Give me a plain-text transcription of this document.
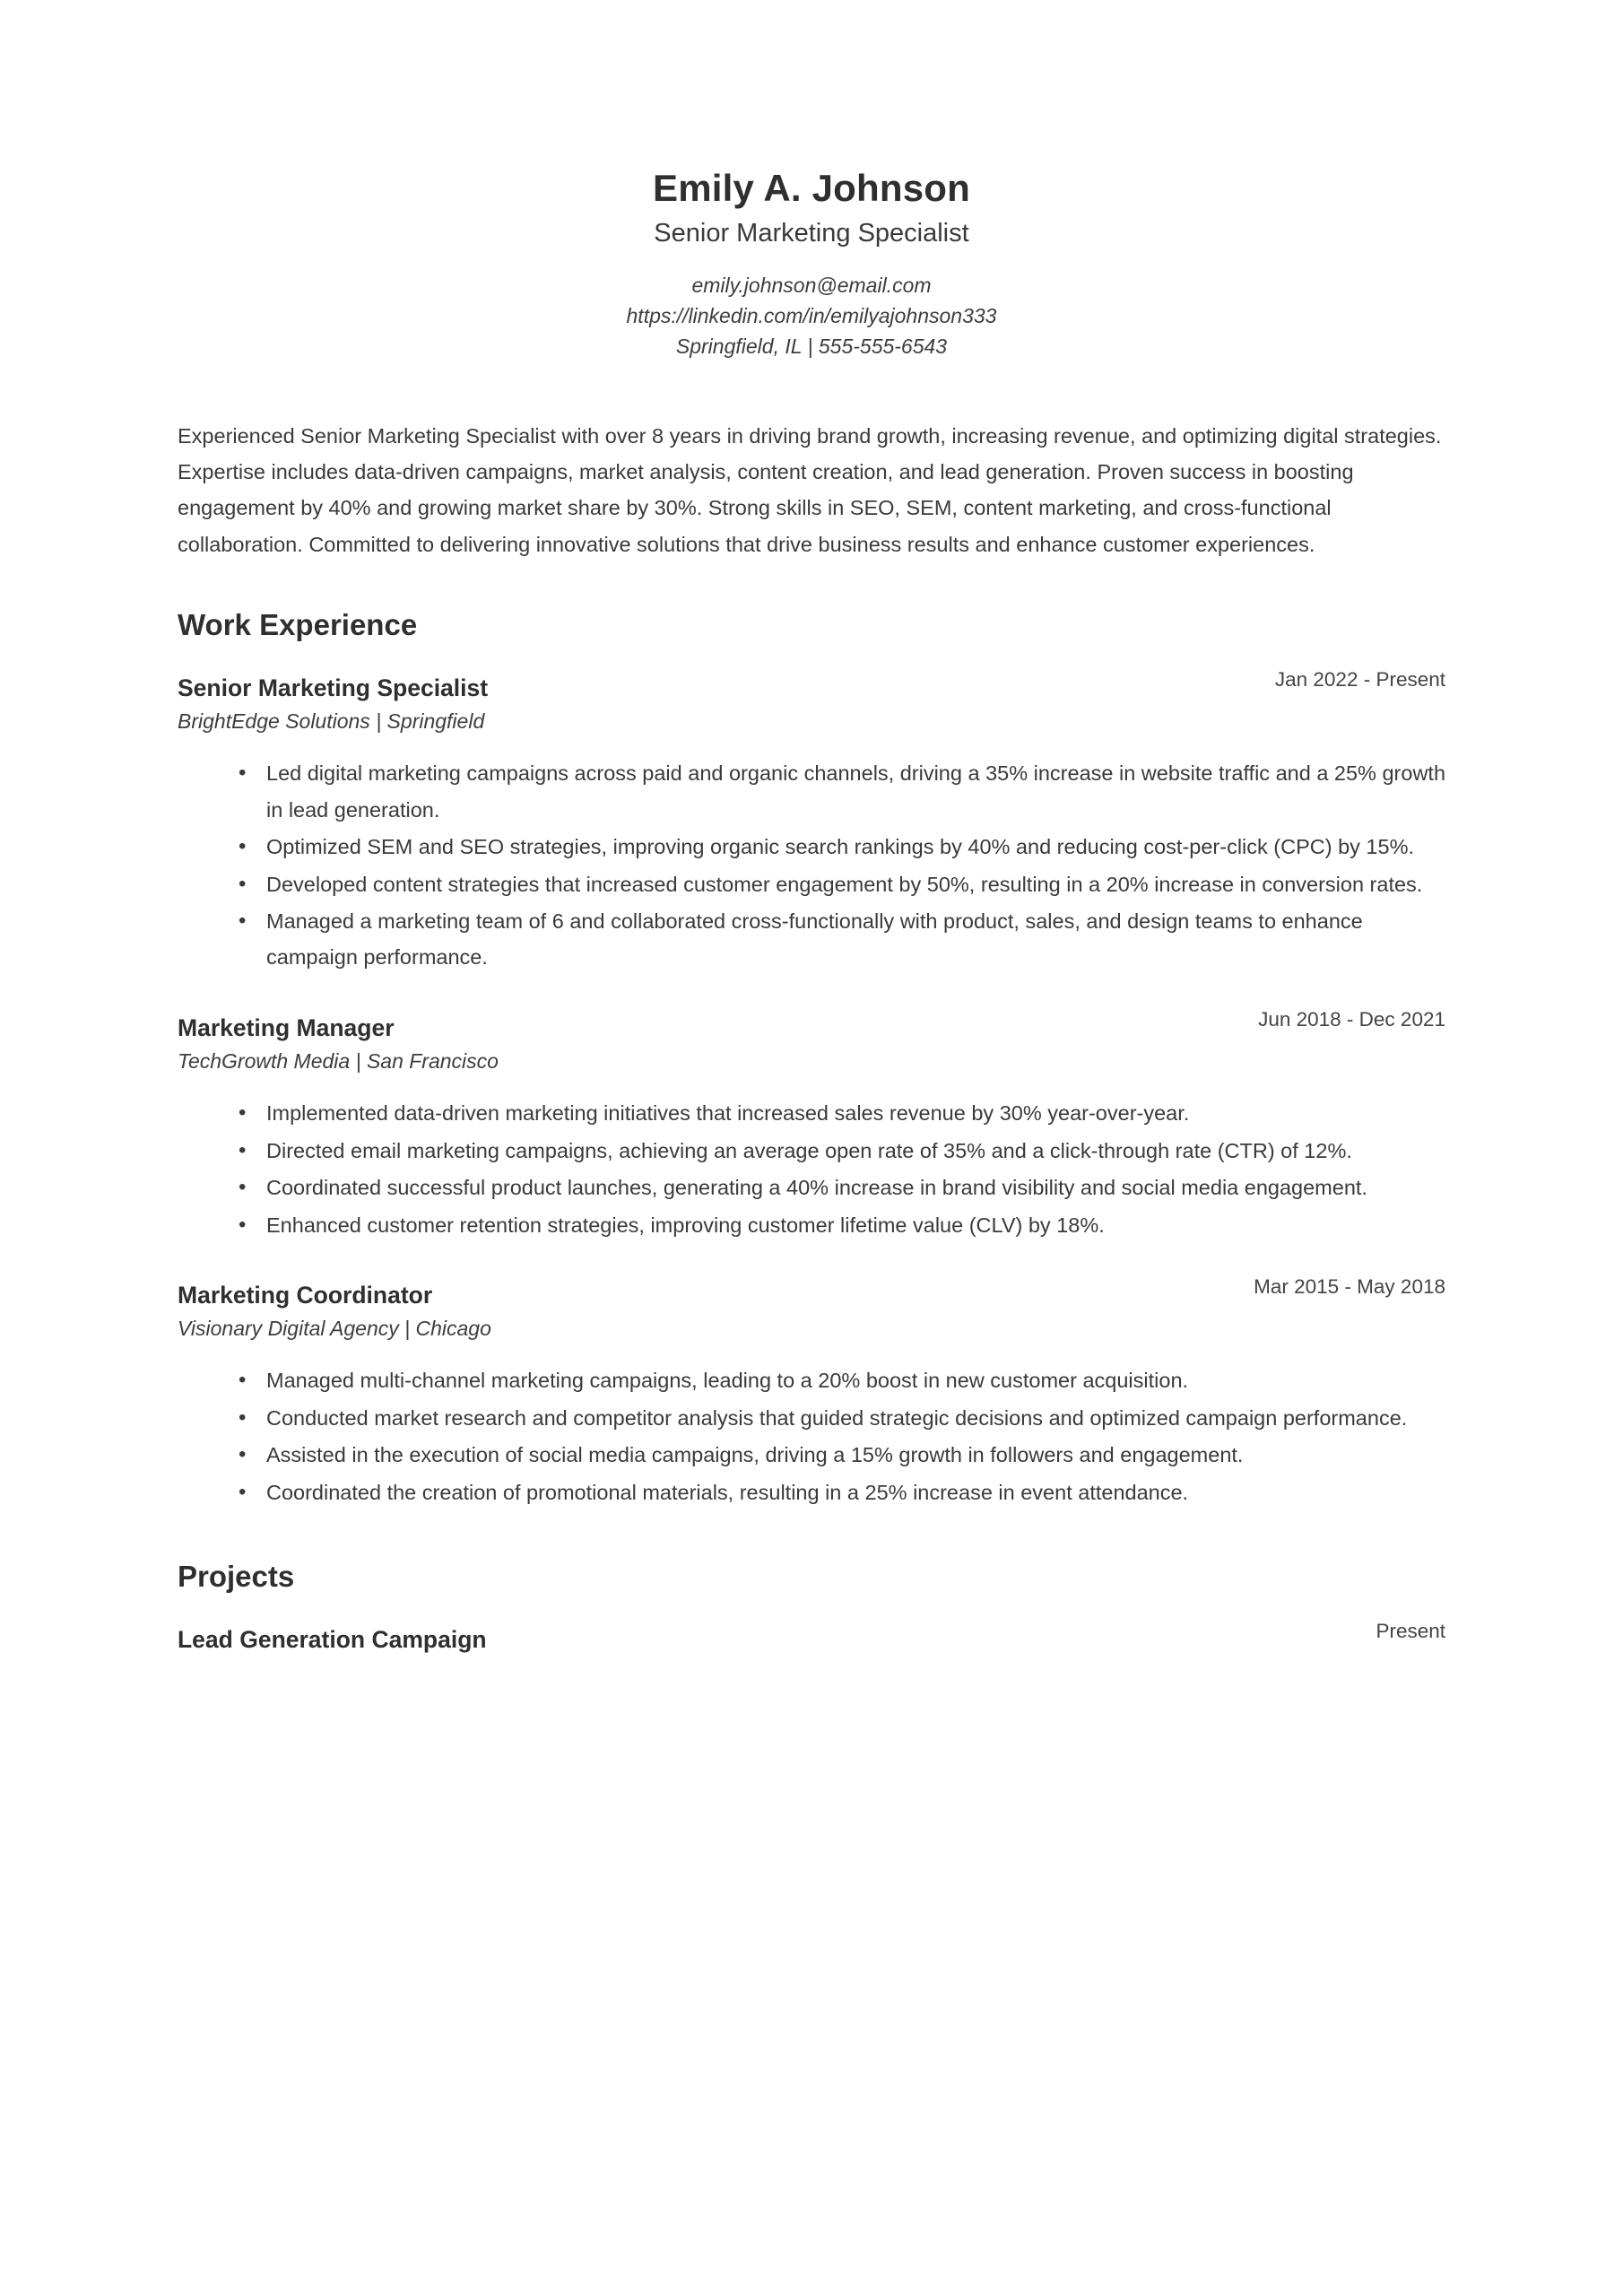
Emily A. Johnson
Senior Marketing Specialist
emily.johnson@email.com
https://linkedin.com/in/emilyajohnson333
Springfield, IL | 555-555-6543

Experienced Senior Marketing Specialist with over 8 years in driving brand growth, increasing revenue, and optimizing digital strategies. Expertise includes data-driven campaigns, market analysis, content creation, and lead generation. Proven success in boosting engagement by 40% and growing market share by 30%. Strong skills in SEO, SEM, content marketing, and cross-functional collaboration. Committed to delivering innovative solutions that drive business results and enhance customer experiences.

Work Experience
Senior Marketing Specialist	Jan 2022 - Present
BrightEdge Solutions | Springfield
• Led digital marketing campaigns across paid and organic channels, driving a 35% increase in website traffic and a 25% growth in lead generation.
• Optimized SEM and SEO strategies, improving organic search rankings by 40% and reducing cost-per-click (CPC) by 15%.
• Developed content strategies that increased customer engagement by 50%, resulting in a 20% increase in conversion rates.
• Managed a marketing team of 6 and collaborated cross-functionally with product, sales, and design teams to enhance campaign performance.
Marketing Manager	Jun 2018 - Dec 2021
TechGrowth Media | San Francisco
• Implemented data-driven marketing initiatives that increased sales revenue by 30% year-over-year.
• Directed email marketing campaigns, achieving an average open rate of 35% and a click-through rate (CTR) of 12%.
• Coordinated successful product launches, generating a 40% increase in brand visibility and social media engagement.
• Enhanced customer retention strategies, improving customer lifetime value (CLV) by 18%.
Marketing Coordinator	Mar 2015 - May 2018
Visionary Digital Agency | Chicago
• Managed multi-channel marketing campaigns, leading to a 20% boost in new customer acquisition.
• Conducted market research and competitor analysis that guided strategic decisions and optimized campaign performance.
• Assisted in the execution of social media campaigns, driving a 15% growth in followers and engagement.
• Coordinated the creation of promotional materials, resulting in a 25% increase in event attendance.
Projects
Lead Generation Campaign	Present
